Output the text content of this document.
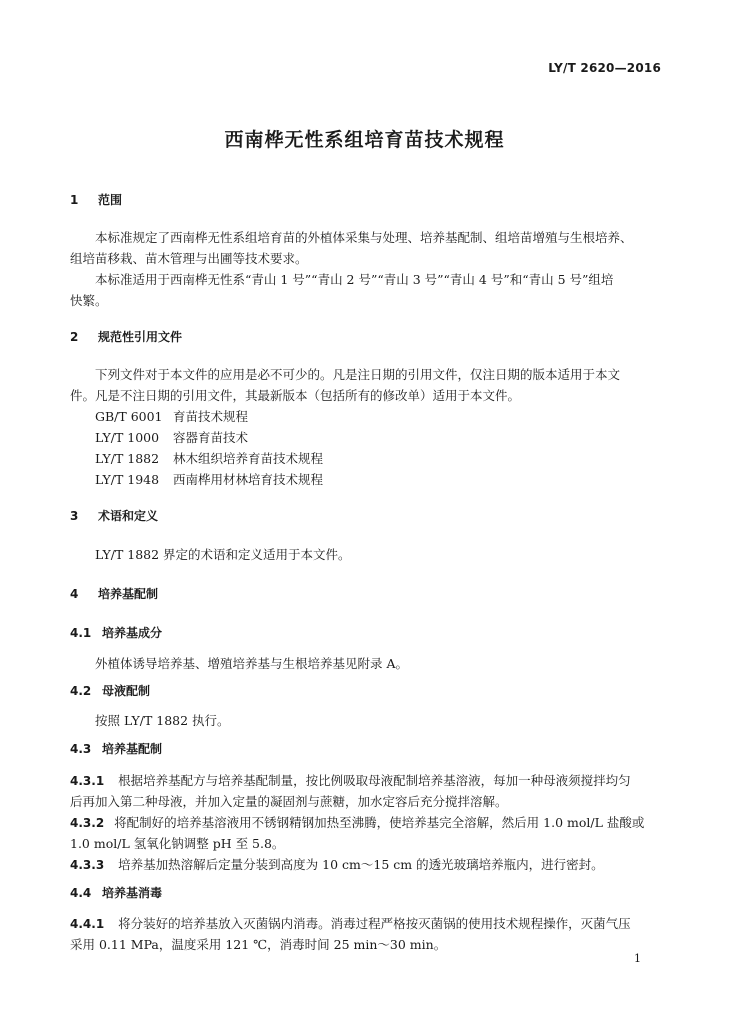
LY/T 2620—2016
西南桦无性系组培育苗技术规程
1 范围
本标准规定了西南桦无性系组培育苗的外植体采集与处理、培养基配制、组培苗增殖与生根培养、
组培苗移栽、苗木管理与出圃等技术要求。
本标准适用于西南桦无性系“青山 1 号”“青山 2 号”“青山 3 号”“青山 4 号”和“青山 5 号”组培
快繁。
2 规范性引用文件
下列文件对于本文件的应用是必不可少的。凡是注日期的引用文件，仅注日期的版本适用于本文
件。凡是不注日期的引用文件，其最新版本（包括所有的修改单）适用于本文件。
GB/T 6001 育苗技术规程
LY/T 1000 容器育苗技术
LY/T 1882 林木组织培养育苗技术规程
LY/T 1948 西南桦用材林培育技术规程
3 术语和定义
LY/T 1882 界定的术语和定义适用于本文件。
4 培养基配制
4.1 培养基成分
外植体诱导培养基、增殖培养基与生根培养基见附录 A。
4.2 母液配制
按照 LY/T 1882 执行。
4.3 培养基配制
4.3.1 根据培养基配方与培养基配制量，按比例吸取母液配制培养基溶液，每加一种母液须搅拌均匀
后再加入第二种母液，并加入定量的凝固剂与蔗糖，加水定容后充分搅拌溶解。
4.3.2 将配制好的培养基溶液用不锈钢精钢加热至沸腾，使培养基完全溶解，然后用 1.0 mol/L 盐酸或
1.0 mol/L 氢氧化钠调整 pH 至 5.8。
4.3.3 培养基加热溶解后定量分装到高度为 10 cm～15 cm 的透光玻璃培养瓶内，进行密封。
4.4 培养基消毒
4.4.1 将分装好的培养基放入灭菌锅内消毒。消毒过程严格按灭菌锅的使用技术规程操作，灭菌气压
采用 0.11 MPa，温度采用 121 ℃，消毒时间 25 min～30 min。
1
